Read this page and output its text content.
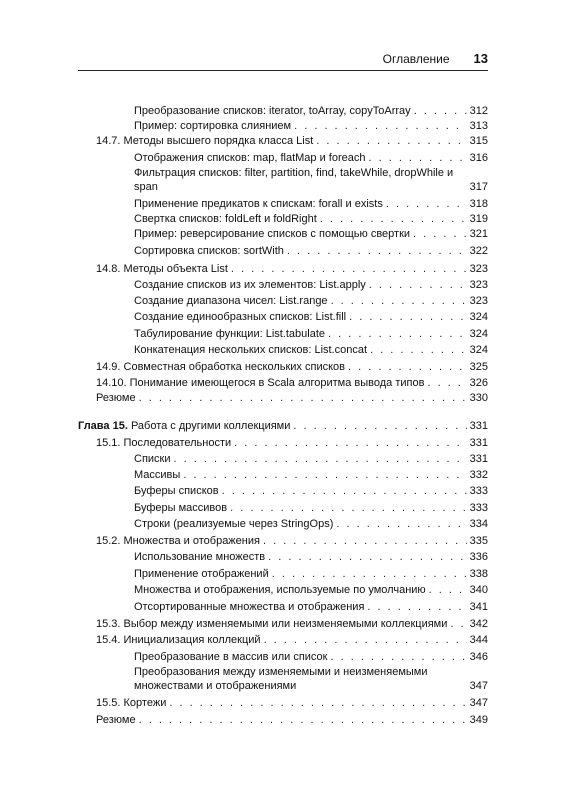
Оглавление 13
Преобразование списков: iterator, toArray, copyToArray . . .	312
Пример: сортировка слиянием . . .	313
14.7. Методы высшего порядка класса List . . .	315
Отображения списков: map, flatMap и foreach . . .	316
Фильтрация списков: filter, partition, find, takeWhile, dropWhile и span	317
Применение предикатов к спискам: forall и exists . . .	318
Свертка списков: foldLeft и foldRight . . .	319
Пример: реверсирование списков с помощью свертки . . .	321
Сортировка списков: sortWith . . .	322
14.8. Методы объекта List . . .	323
Создание списков из их элементов: List.apply . . .	323
Создание диапазона чисел: List.range . . .	323
Создание единообразных списков: List.fill . . .	324
Табулирование функции: List.tabulate . . .	324
Конкатенация нескольких списков: List.concat . . .	324
14.9. Совместная обработка нескольких списков . . .	325
14.10. Понимание имеющегося в Scala алгоритма вывода типов . . .	326
Резюме . . .	330
Глава 15. Работа с другими коллекциями . . .	331
15.1. Последовательности . . .	331
Списки . . .	331
Массивы . . .	332
Буферы списков . . .	333
Буферы массивов . . .	333
Строки (реализуемые через StringOps) . . .	334
15.2. Множества и отображения . . .	335
Использование множеств . . .	336
Применение отображений . . .	338
Множества и отображения, используемые по умолчанию . . .	340
Отсортированные множества и отображения . . .	341
15.3. Выбор между изменяемыми или неизменяемыми коллекциями . . . 342
15.4. Инициализация коллекций . . .	344
Преобразование в массив или список . . .	346
Преобразования между изменяемыми и неизменяемыми множествами и отображениями	347
15.5. Кортежи . . .	347
Резюме . . .	349
